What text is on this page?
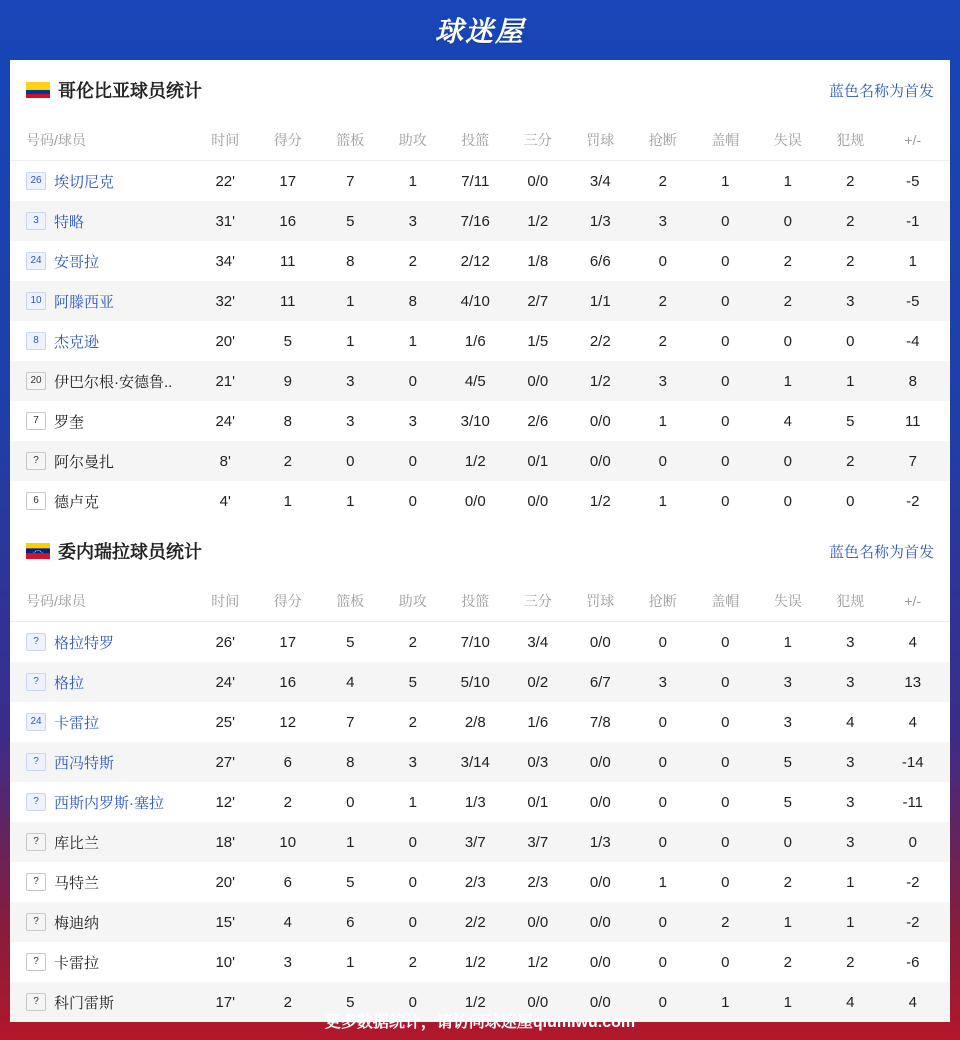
球迷屋
哥伦比亚球员统计	蓝色名称为首发
号码/球员	时间	得分	篮板	助攻	投篮	三分	罚球	抢断	盖帽	失误	犯规	+/-
26 埃切尼克	22'	17	7	1	7/11	0/0	3/4	2	1	1	2	-5
3	特略	31'	16	5	3	7/16	1/2	1/3	3	0	0	2	-1
24 安哥拉	34'	11	8	2	2/12	1/8	6/6	0	0	2	2	1
10 阿滕西亚	32'	11	1	8	4/10	2/7	1/1	2	0	2	3	-5
8	杰克逊	20'	5	1	1	1/6	1/5	2/2	2	0	0	0	-4
20 伊巴尔根·安德鲁..	21'	9	3	0	4/5	0/0	1/2	3	0	1	1	8
7	罗奎	24'	8	3	3	3/10	2/6	0/0	1	0	4	5	11
?	阿尔曼扎	8'	2	0	0	1/2	0/1	0/0	0	0	0	2	7
6	德卢克	4'	1	1	0	0/0	0/0	1/2	1	0	0	0	-2
委内瑞拉球员统计	蓝色名称为首发
号码/球员	时间	得分	篮板	助攻	投篮	三分	罚球	抢断	盖帽	失误	犯规	+/-
?	格拉特罗	26'	17	5	2	7/10	3/4	0/0	0	0	1	3	4
?	格拉	24'	16	4	5	5/10	0/2	6/7	3	0	3	3	13
24 卡雷拉	25'	12	7	2	2/8	1/6	7/8	0	0	3	4	4
?	西冯特斯	27'	6	8	3	3/14	0/3	0/0	0	0	5	3	-14
?	西斯内罗斯·塞拉	12'	2	0	1	1/3	0/1	0/0	0	0	5	3	-11
?	库比兰	18'	10	1	0	3/7	3/7	1/3	0	0	0	3	0
?	马特兰	20'	6	5	0	2/3	2/3	0/0	1	0	2	1	-2
?	梅迪纳	15'	4	6	0	2/2	0/0	0/0	0	2	1	1	-2
?	卡雷拉	10'	3	1	2	1/2	1/2	0/0	0	0	2	2	-6
?	科门雷斯	17'	2	5	0	1/2	0/0	0/0	0	1	1	4	4
更多数据统计，请访问球迷屋qiumiwu.com
